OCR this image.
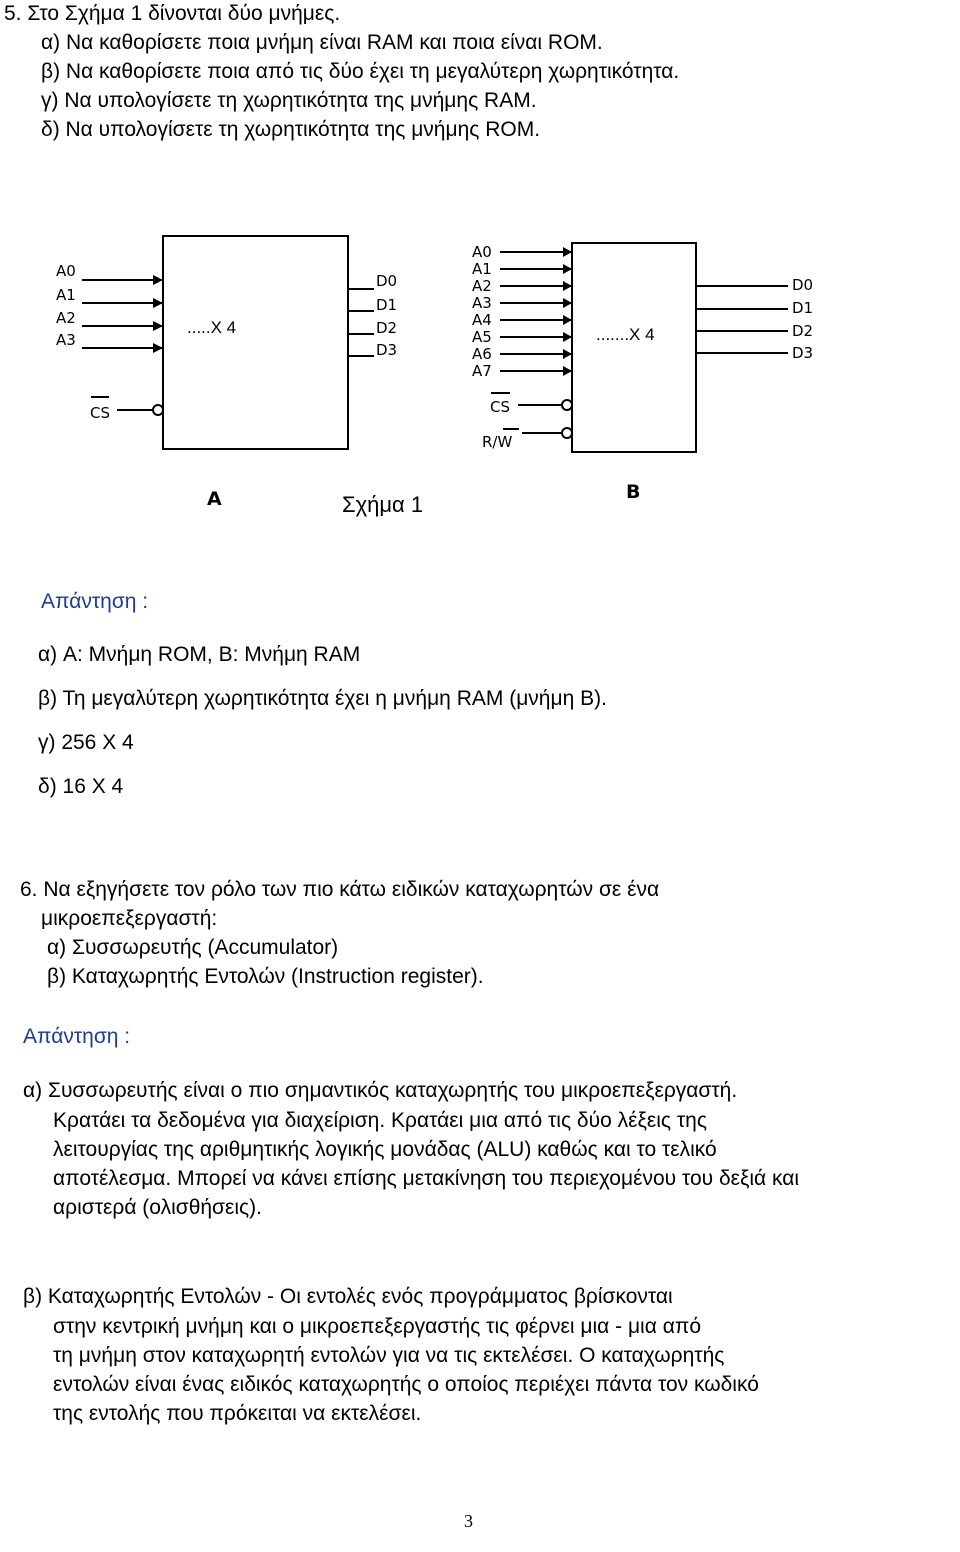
5. Στο Σχήμα 1 δίνονται δύο μνήμες.
α) Να καθορίσετε ποια μνήμη είναι RAM και ποια είναι ROM.
β) Να καθορίσετε ποια από τις δύο έχει τη μεγαλύτερη χωρητικότητα.
γ) Να υπολογίσετε τη χωρητικότητα της μνήμης RAM.
δ) Να υπολογίσετε τη χωρητικότητα της μνήμης ROM.
A0
A1
A2
A3
D0
D1
D2
D3
.....X 4
CS
A
A0
A1
A2
A3
A4
A5
A6
A7
D0
D1
D2
D3
.......X 4
CS
R/W
B
Σχήμα 1
Απάντηση :
α) A: Μνήμη ROM, B: Μνήμη RAM
β) Τη μεγαλύτερη χωρητικότητα έχει η μνήμη RAM (μνήμη B).
γ) 256 X 4
δ) 16 X 4
6. Να εξηγήσετε τον ρόλο των πιο κάτω ειδικών καταχωρητών σε ένα
μικροεπεξεργαστή:
α) Συσσωρευτής (Accumulator)
β) Καταχωρητής Εντολών (Instruction register).
Απάντηση :
α) Συσσωρευτής είναι ο πιο σημαντικός καταχωρητής του μικροεπεξεργαστή.
Κρατάει τα δεδομένα για διαχείριση. Κρατάει μια από τις δύο λέξεις της
λειτουργίας της αριθμητικής λογικής μονάδας (ALU) καθώς και το τελικό
αποτέλεσμα. Μπορεί να κάνει επίσης μετακίνηση του περιεχομένου του δεξιά και
αριστερά (ολισθήσεις).
β) Καταχωρητής Εντολών - Οι εντολές ενός προγράμματος βρίσκονται
στην κεντρική μνήμη και ο μικροεπεξεργαστής τις φέρνει μια - μια από
τη μνήμη στον καταχωρητή εντολών για να τις εκτελέσει. Ο καταχωρητής
εντολών είναι ένας ειδικός καταχωρητής ο οποίος περιέχει πάντα τον κωδικό
της εντολής που πρόκειται να εκτελέσει.
3
